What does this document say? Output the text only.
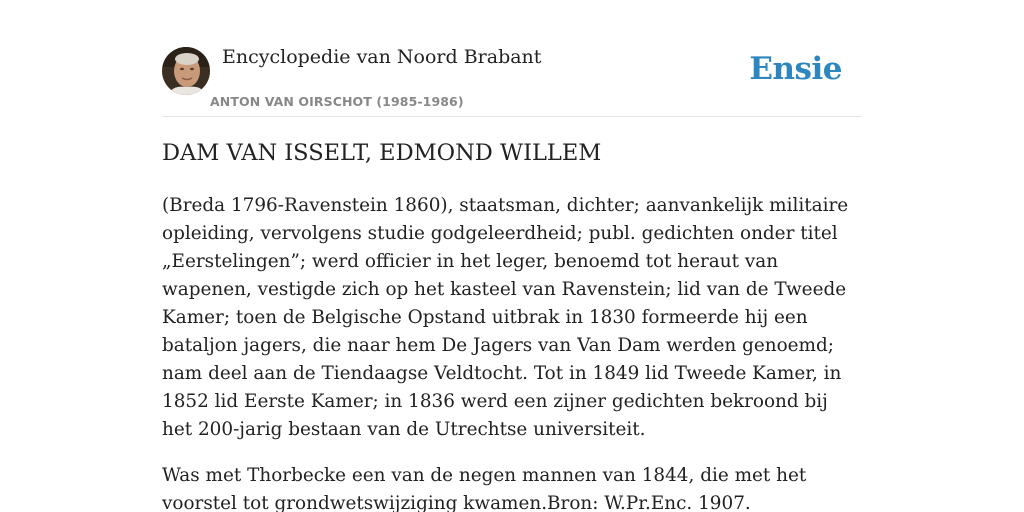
Encyclopedie van Noord Brabant
ANTON VAN OIRSCHOT (1985-1986)
Ensie
DAM VAN ISSELT, EDMOND WILLEM

(Breda 1796-Ravenstein 1860), staatsman, dichter; aanvankelijk militaire opleiding, vervolgens studie godgeleerdheid; publ. gedichten onder titel „Eerstelingen”; werd officier in het leger, benoemd tot heraut van wapenen, vestigde zich op het kasteel van Ravenstein; lid van de Tweede Kamer; toen de Belgische Opstand uitbrak in 1830 formeerde hij een bataljon jagers, die naar hem De Jagers van Van Dam werden genoemd; nam deel aan de Tiendaagse Veldtocht. Tot in 1849 lid Tweede Kamer, in 1852 lid Eerste Kamer; in 1836 werd een zijner gedichten bekroond bij het 200-jarig bestaan van de Utrechtse universiteit.

Was met Thorbecke een van de negen mannen van 1844, die met het voorstel tot grondwetswijziging kwamen.Bron: W.Pr.Enc. 1907.
